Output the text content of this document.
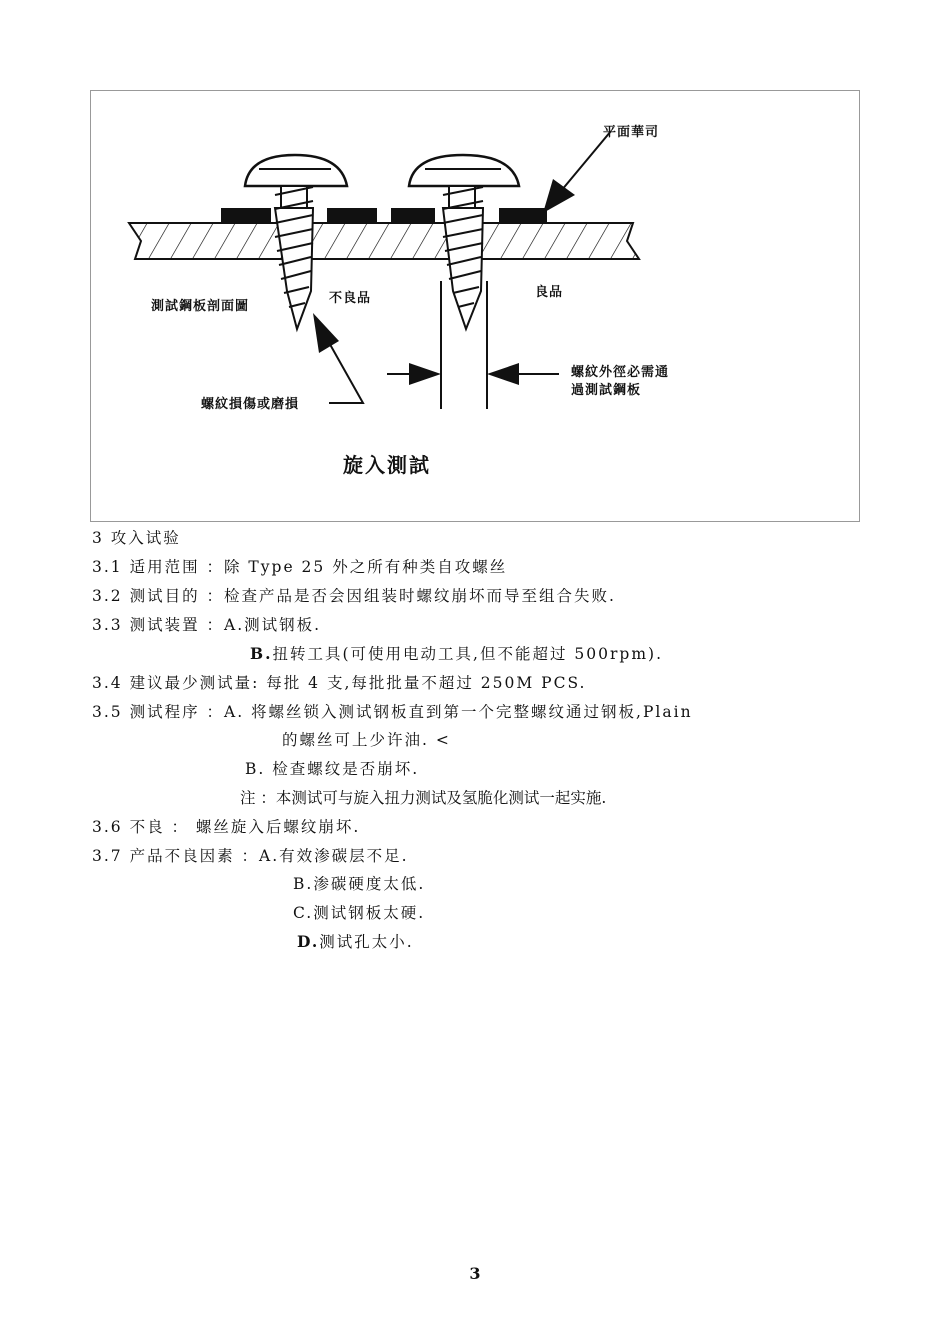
平面華司
測試鋼板剖面圖
不良品	良品
螺紋損傷或磨損
螺紋外徑必需通
過測試鋼板
旋入測試
3 攻入试验
3.1 适用范围 ：除 Type 25 外之所有种类自攻螺丝
3.2 测试目的 ：检查产品是否会因组装时螺纹崩坏而导至组合失败.
3.3 测试装置 ：A.测试钢板.
B.扭转工具(可使用电动工具,但不能超过 500rpm).
3.4 建议最少测试量: 每批 4 支,每批批量不超过 250M PCS.
3.5 测试程序 ：A. 将螺丝锁入测试钢板直到第一个完整螺纹通过钢板,Plain
的螺丝可上少许油. <
B. 检查螺纹是否崩坏.
注 ：本测试可与旋入扭力测试及氢脆化测试一起实施.
3.6 不良 ： 螺丝旋入后螺纹崩坏.
3.7 产品不良因素 ：A.有效渗碳层不足.
B.渗碳硬度太低.
C.测试钢板太硬.
D.测试孔太小.
3
